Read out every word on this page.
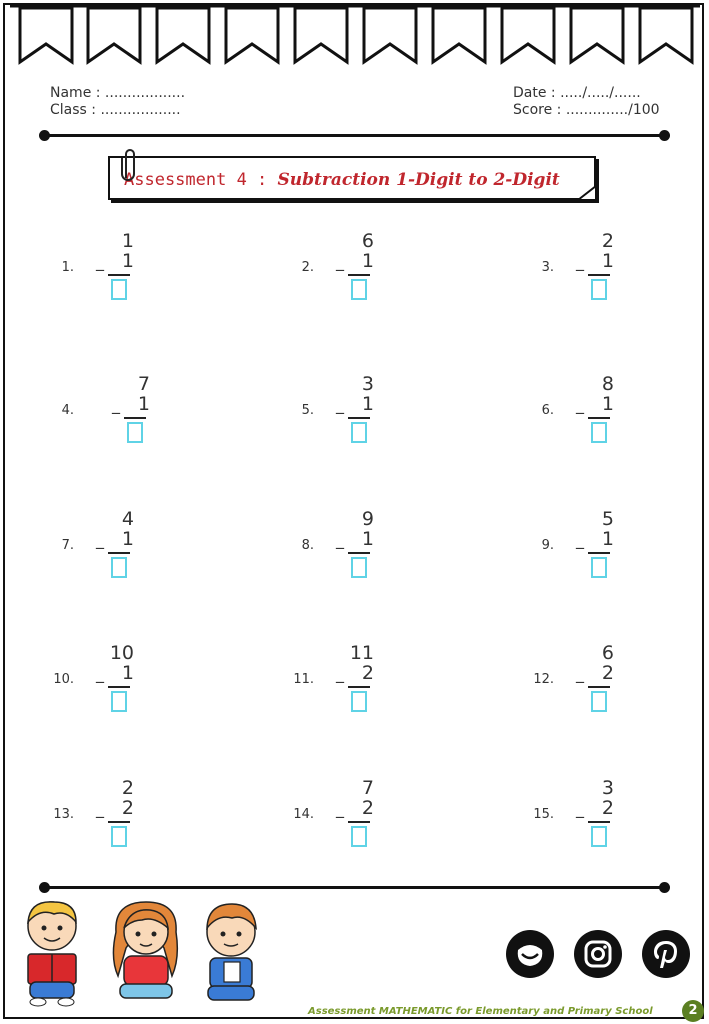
Name : ..................
Class : ..................
Date : ...../...../......
Score : ............../100
Assessment 4 : Subtraction 1-Digit to 2-Digit
1.
1
_ 1	2.
6
_ 1	3.
2
_ 1
4.
7
_ 1	5.
3
_ 1	6.
8
_ 1
7.
4
_ 1	8.
9
_ 1	9.
5
_ 1
10.
10
_ 1	11.
11
_ 2	12.
6
_ 2
13.
2
_ 2	14.
7
_ 2	15.
3
_ 2
Assessment MATHEMATIC for Elementary and Primary School	2
